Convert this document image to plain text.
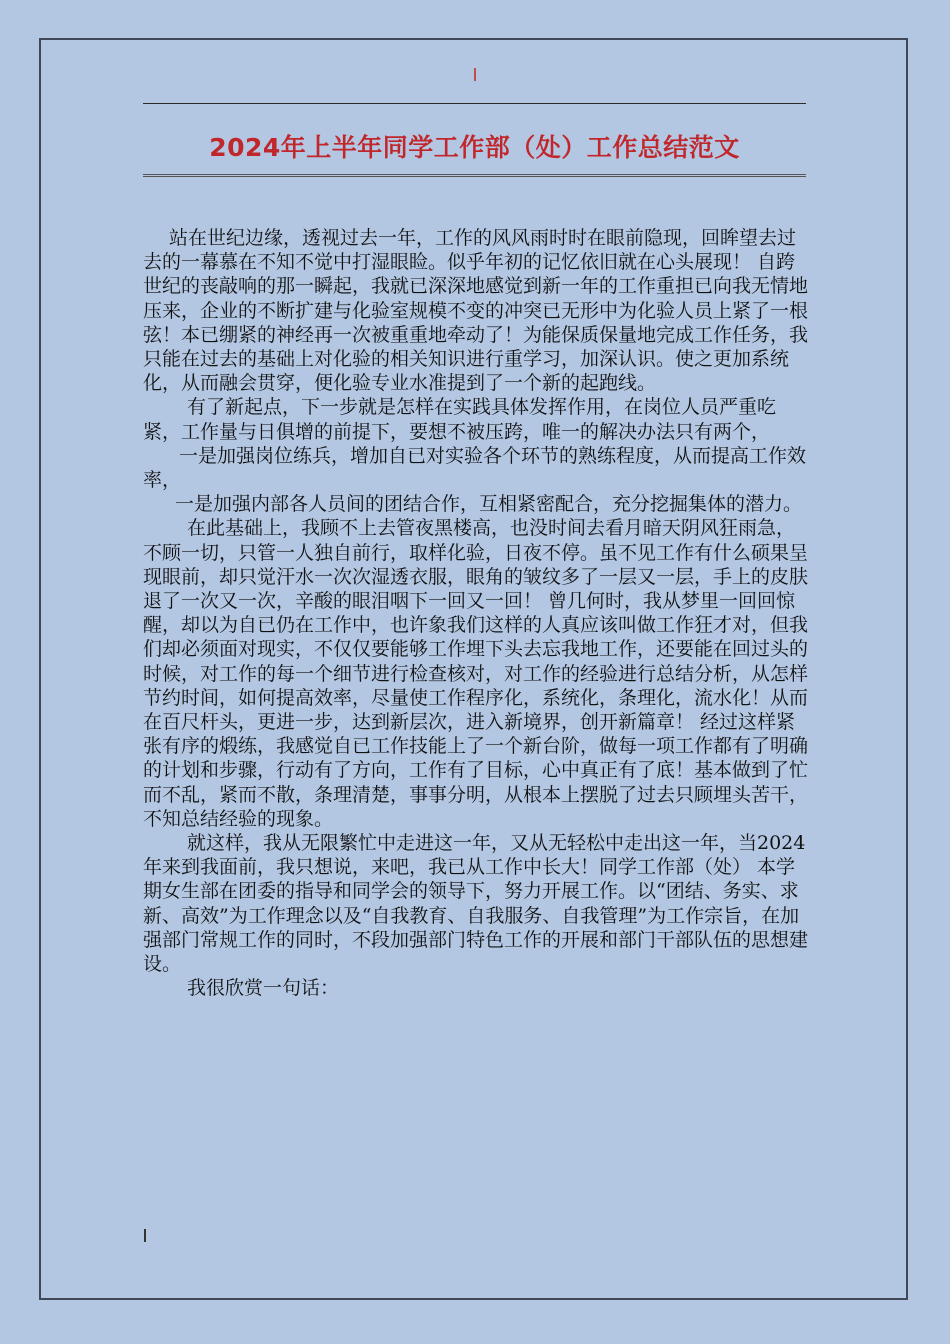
2024年上半年同学工作部（处）工作总结范文

站在世纪边缘，透视过去一年，工作的风风雨时时在眼前隐现，回眸望去过去的一幕慕在不知不觉中打湿眼睑。似乎年初的记忆依旧就在心头展现！ 自跨世纪的丧敲响的那一瞬起，我就已深深地感觉到新一年的工作重担已向我无情地压来，企业的不断扩建与化验室规模不变的冲突已无形中为化验人员上紧了一根弦！本已绷紧的神经再一次被重重地牵动了！为能保质保量地完成工作任务，我只能在过去的基础上对化验的相关知识进行重学习，加深认识。使之更加系统化，从而融会贯穿，便化验专业水准提到了一个新的起跑线。

有了新起点，下一步就是怎样在实践具体发挥作用，在岗位人员严重吃紧，工作量与日俱增的前提下，要想不被压跨，唯一的解决办法只有两个，

一是加强岗位练兵，增加自已对实验各个环节的熟练程度，从而提高工作效率，

一是加强内部各人员间的团结合作，互相紧密配合，充分挖掘集体的潜力。

在此基础上，我顾不上去管夜黑楼高，也没时间去看月暗天阴风狂雨急，不顾一切，只管一人独自前行，取样化验，日夜不停。虽不见工作有什么硕果呈现眼前，却只觉汗水一次次湿透衣服，眼角的皱纹多了一层又一层，手上的皮肤退了一次又一次，辛酸的眼泪咽下一回又一回！ 曾几何时，我从梦里一回回惊醒，却以为自已仍在工作中，也许象我们这样的人真应该叫做工作狂才对，但我们却必须面对现实，不仅仅要能够工作埋下头去忘我地工作，还要能在回过头的时候，对工作的每一个细节进行检查核对，对工作的经验进行总结分析，从怎样节约时间，如何提高效率，尽量使工作程序化，系统化，条理化，流水化！从而在百尺杆头，更进一步，达到新层次，进入新境界，创开新篇章！ 经过这样紧张有序的煅练，我感觉自已工作技能上了一个新台阶，做每一项工作都有了明确的计划和步骤，行动有了方向，工作有了目标，心中真正有了底！基本做到了忙而不乱，紧而不散，条理清楚，事事分明，从根本上摆脱了过去只顾埋头苦干，不知总结经验的现象。

就这样，我从无限繁忙中走进这一年，又从无轻松中走出这一年，当2024年来到我面前，我只想说，来吧，我已从工作中长大！同学工作部（处） 本学期女生部在团委的指导和同学会的领导下，努力开展工作。以“团结、务实、求新、高效”为工作理念以及“自我教育、自我服务、自我管理”为工作宗旨，在加强部门常规工作的同时，不段加强部门特色工作的开展和部门干部队伍的思想建设。

我很欣赏一句话：
